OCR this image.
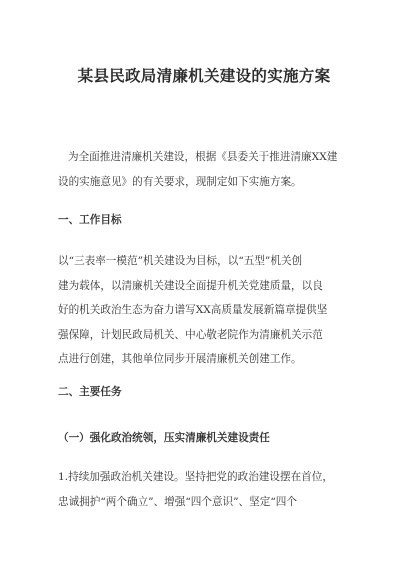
某县民政局清廉机关建设的实施方案

为全面推进清廉机关建设，根据《县委关于推进清廉XX建
设的实施意见》的有关要求，现制定如下实施方案。

一、工作目标

以“三表率一模范”机关建设为目标，以“五型”机关创
建为载体，以清廉机关建设全面提升机关党建质量，以良
好的机关政治生态为奋力谱写XX高质量发展新篇章提供坚
强保障，计划民政局机关、中心敬老院作为清廉机关示范
点进行创建，其他单位同步开展清廉机关创建工作。

二、主要任务
（一）强化政治统领，压实清廉机关建设责任

1.持续加强政治机关建设。坚持把党的政治建设摆在首位，
忠诚拥护“两个确立”、增强“四个意识”、坚定“四个
